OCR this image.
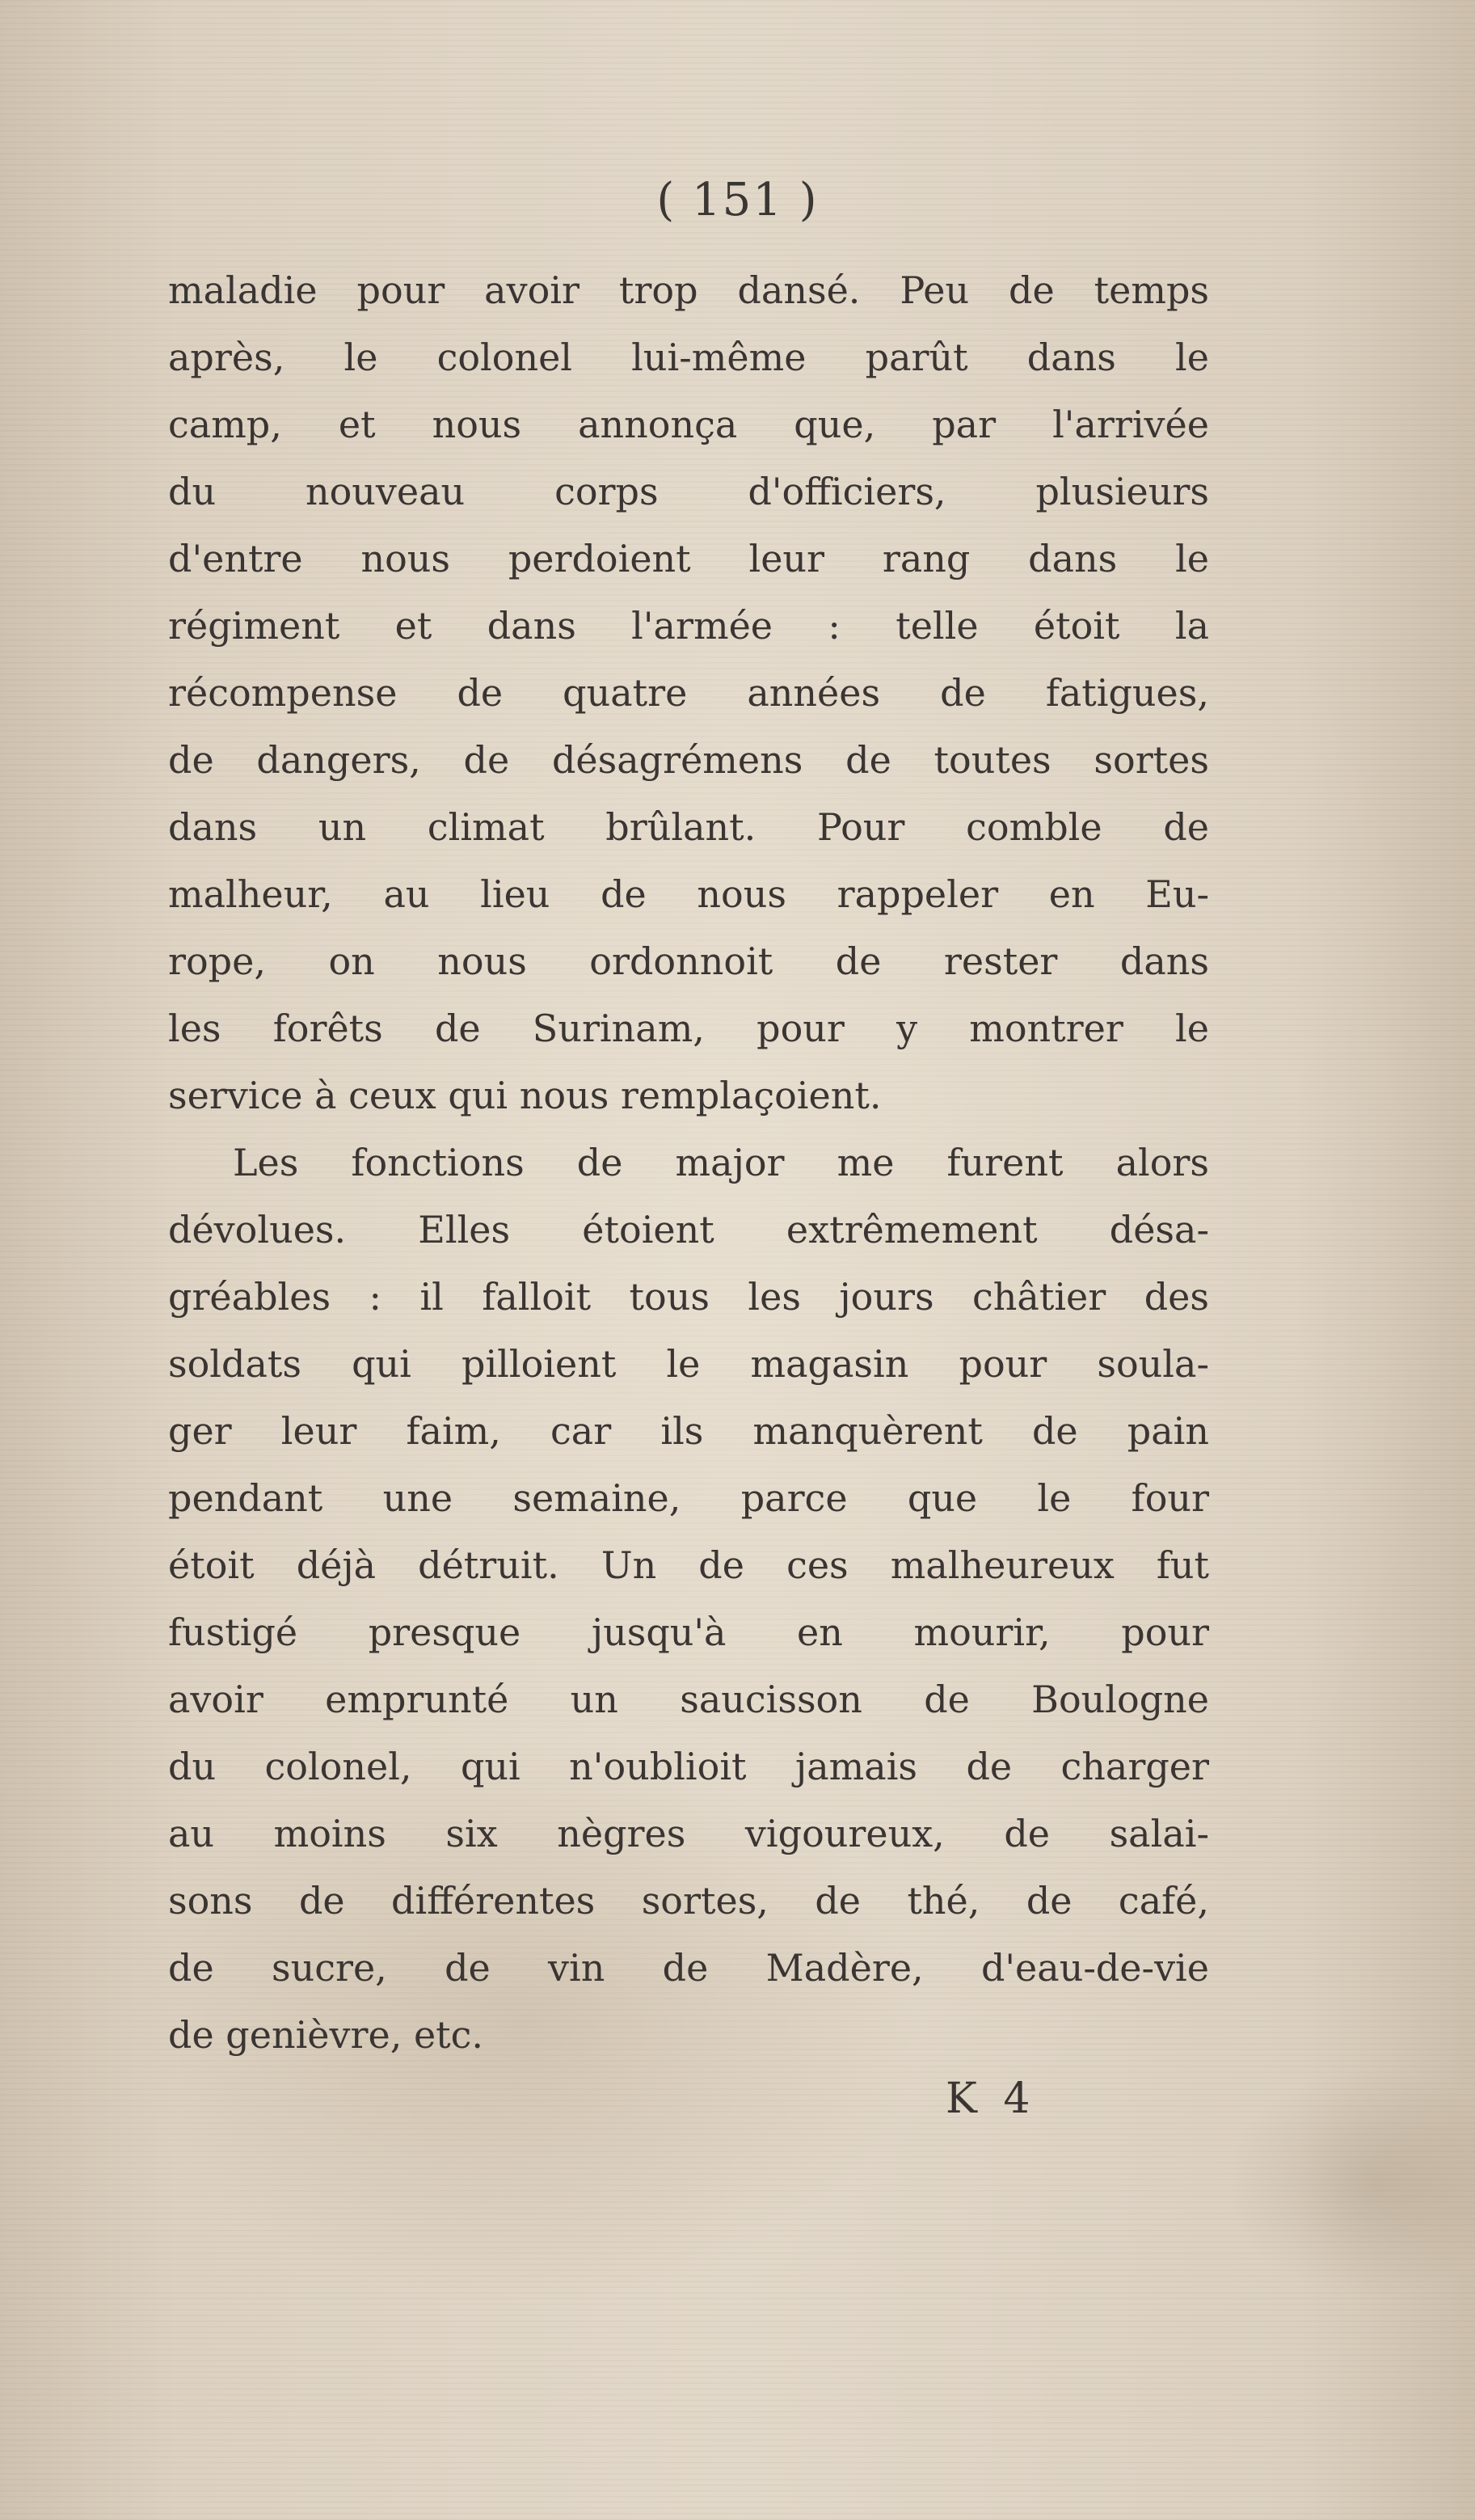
( 151 )
maladie pour avoir trop dansé. Peu de temps
après, le colonel lui-même parût dans le
camp, et nous annonça que, par l'arrivée
du nouveau corps d'officiers, plusieurs
d'entre nous perdoient leur rang dans le
régiment et dans l'armée : telle étoit la
récompense de quatre années de fatigues,
de dangers, de désagrémens de toutes sortes
dans un climat brûlant. Pour comble de
malheur, au lieu de nous rappeler en Eu-
rope, on nous ordonnoit de rester dans
les forêts de Surinam, pour y montrer le
service à ceux qui nous remplaçoient.
Les fonctions de major me furent alors
dévolues. Elles étoient extrêmement désa-
gréables : il falloit tous les jours châtier des
soldats qui pilloient le magasin pour soula-
ger leur faim, car ils manquèrent de pain
pendant une semaine, parce que le four
étoit déjà détruit. Un de ces malheureux fut
fustigé presque jusqu'à en mourir, pour
avoir emprunté un saucisson de Boulogne
du colonel, qui n'oublioit jamais de charger
au moins six nègres vigoureux, de salai-
sons de différentes sortes, de thé, de café,
de sucre, de vin de Madère, d'eau-de-vie
de genièvre, etc.
K 4
